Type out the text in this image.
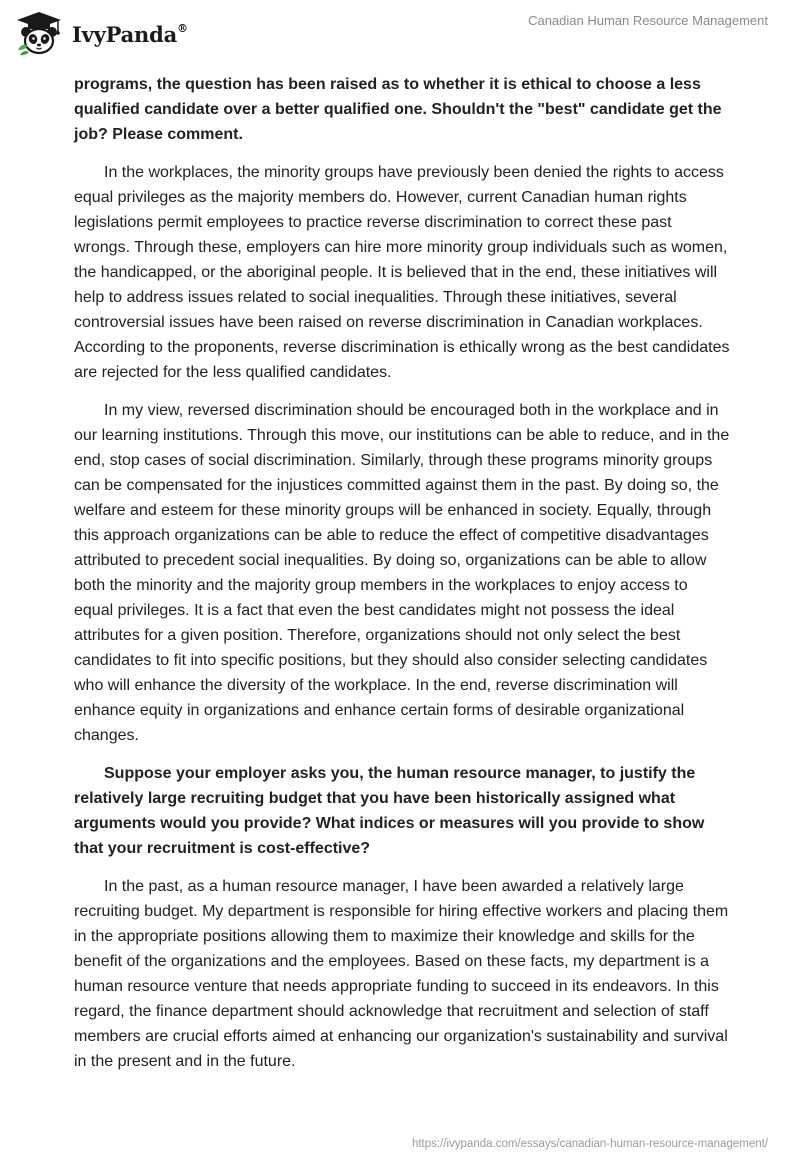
IvyPanda®	Canadian Human Resource Management

programs, the question has been raised as to whether it is ethical to choose a less qualified candidate over a better qualified one. Shouldn't the "best" candidate get the job? Please comment.

In the workplaces, the minority groups have previously been denied the rights to access equal privileges as the majority members do. However, current Canadian human rights legislations permit employees to practice reverse discrimination to correct these past wrongs. Through these, employers can hire more minority group individuals such as women, the handicapped, or the aboriginal people. It is believed that in the end, these initiatives will help to address issues related to social inequalities. Through these initiatives, several controversial issues have been raised on reverse discrimination in Canadian workplaces. According to the proponents, reverse discrimination is ethically wrong as the best candidates are rejected for the less qualified candidates.

In my view, reversed discrimination should be encouraged both in the workplace and in our learning institutions. Through this move, our institutions can be able to reduce, and in the end, stop cases of social discrimination. Similarly, through these programs minority groups can be compensated for the injustices committed against them in the past. By doing so, the welfare and esteem for these minority groups will be enhanced in society. Equally, through this approach organizations can be able to reduce the effect of competitive disadvantages attributed to precedent social inequalities. By doing so, organizations can be able to allow both the minority and the majority group members in the workplaces to enjoy access to equal privileges. It is a fact that even the best candidates might not possess the ideal attributes for a given position. Therefore, organizations should not only select the best candidates to fit into specific positions, but they should also consider selecting candidates who will enhance the diversity of the workplace. In the end, reverse discrimination will enhance equity in organizations and enhance certain forms of desirable organizational changes.

Suppose your employer asks you, the human resource manager, to justify the relatively large recruiting budget that you have been historically assigned what arguments would you provide? What indices or measures will you provide to show that your recruitment is cost-effective?

In the past, as a human resource manager, I have been awarded a relatively large recruiting budget. My department is responsible for hiring effective workers and placing them in the appropriate positions allowing them to maximize their knowledge and skills for the benefit of the organizations and the employees. Based on these facts, my department is a human resource venture that needs appropriate funding to succeed in its endeavors. In this regard, the finance department should acknowledge that recruitment and selection of staff members are crucial efforts aimed at enhancing our organization's sustainability and survival in the present and in the future.

https://ivypanda.com/essays/canadian-human-resource-management/
